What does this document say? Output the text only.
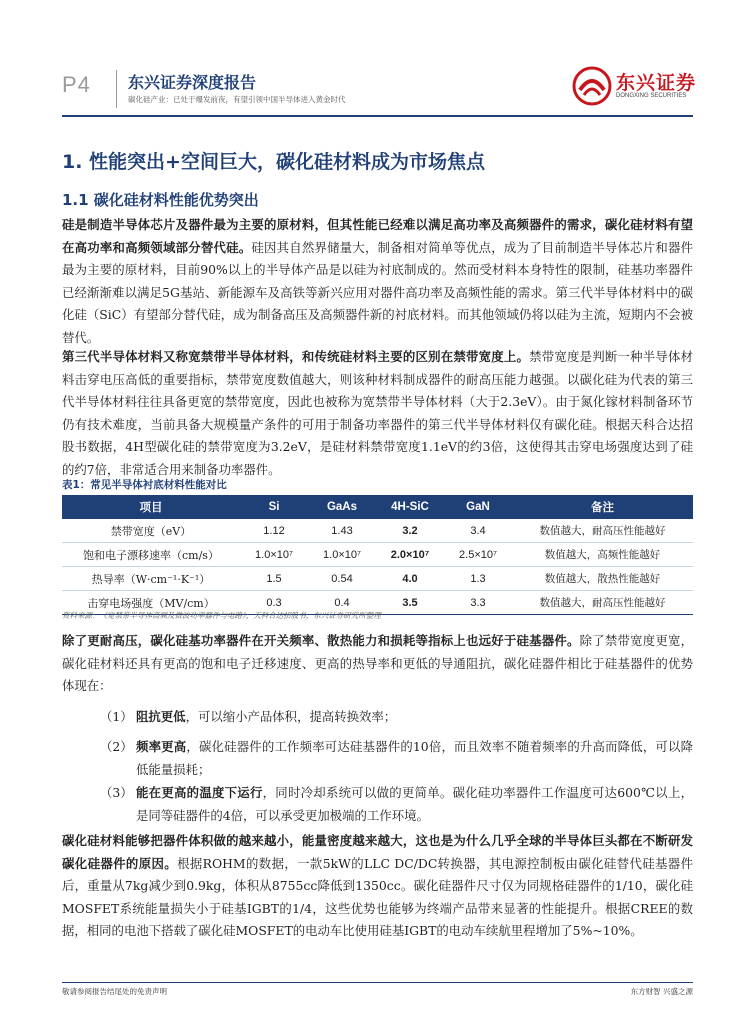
P4 东兴证券深度报告
碳化硅产业：已处于爆发前夜，有望引领中国半导体进入黄金时代
东兴证券
DONGXING SECURITIES
1. 性能突出+空间巨大，碳化硅材料成为市场焦点
1.1 碳化硅材料性能优势突出
硅是制造半导体芯片及器件最为主要的原材料，但其性能已经难以满足高功率及高频器件的需求，碳化硅材料有望在高功率和高频领域部分替代硅。硅因其自然界储量大，制备相对简单等优点，成为了目前制造半导体芯片和器件最为主要的原材料，目前90%以上的半导体产品是以硅为衬底制成的。然而受材料本身特性的限制，硅基功率器件已经渐渐难以满足5G基站、新能源车及高铁等新兴应用对器件高功率及高频性能的需求。第三代半导体材料中的碳化硅（SiC）有望部分替代硅，成为制备高压及高频器件新的衬底材料。而其他领域仍将以硅为主流，短期内不会被替代。
第三代半导体材料又称宽禁带半导体材料，和传统硅材料主要的区别在禁带宽度上。禁带宽度是判断一种半导体材料击穿电压高低的重要指标，禁带宽度数值越大，则该种材料制成器件的耐高压能力越强。以碳化硅为代表的第三代半导体材料往往具备更宽的禁带宽度，因此也被称为宽禁带半导体材料（大于2.3eV）。由于氮化镓材料制备环节仍有技术难度，当前具备大规模量产条件的可用于制备功率器件的第三代半导体材料仅有碳化硅。根据天科合达招股书数据，4H型碳化硅的禁带宽度为3.2eV，是硅材料禁带宽度1.1eV的约3倍，这使得其击穿电场强度达到了硅的约7倍，非常适合用来制备功率器件。
表1：常见半导体衬底材料性能对比
项目	Si	GaAs	4H-SiC	GaN	备注
禁带宽度（eV）	1.12	1.43	3.2	3.4	数值越大，耐高压性能越好
饱和电子漂移速率（cm/s）	1.0×10⁷	1.0×10⁷	2.0×10⁷	2.5×10⁷	数值越大，高频性能越好
热导率（W·cm⁻¹·K⁻¹）	1.5	0.54	4.0	1.3	数值越大，散热性能越好
击穿电场强度（MV/cm）	0.3	0.4	3.5	3.3	数值越大，耐高压性能越好
资料来源：《宽禁带半导体高频及微波功率器件与电路》，天科合达招股书，东兴证券研究所整理
除了更耐高压，碳化硅基功率器件在开关频率、散热能力和损耗等指标上也远好于硅基器件。除了禁带宽度更宽，碳化硅材料还具有更高的饱和电子迁移速度、更高的热导率和更低的导通阻抗，碳化硅器件相比于硅基器件的优势体现在：
（1） 阻抗更低，可以缩小产品体积，提高转换效率；
（2） 频率更高，碳化硅器件的工作频率可达硅基器件的10倍，而且效率不随着频率的升高而降低，可以降低能量损耗；
（3） 能在更高的温度下运行，同时冷却系统可以做的更简单。碳化硅功率器件工作温度可达600℃以上，是同等硅器件的4倍，可以承受更加极端的工作环境。
碳化硅材料能够把器件体积做的越来越小，能量密度越来越大，这也是为什么几乎全球的半导体巨头都在不断研发碳化硅器件的原因。根据ROHM的数据，一款5kW的LLC DC/DC转换器，其电源控制板由碳化硅替代硅基器件后，重量从7kg减少到0.9kg，体积从8755cc降低到1350cc。碳化硅器件尺寸仅为同规格硅器件的1/10，碳化硅MOSFET系统能量损失小于硅基IGBT的1/4，这些优势也能够为终端产品带来显著的性能提升。根据CREE的数据，相同的电池下搭载了碳化硅MOSFET的电动车比使用硅基IGBT的电动车续航里程增加了5%~10%。
敬请参阅报告结尾处的免责声明	东方财智 兴盛之源
